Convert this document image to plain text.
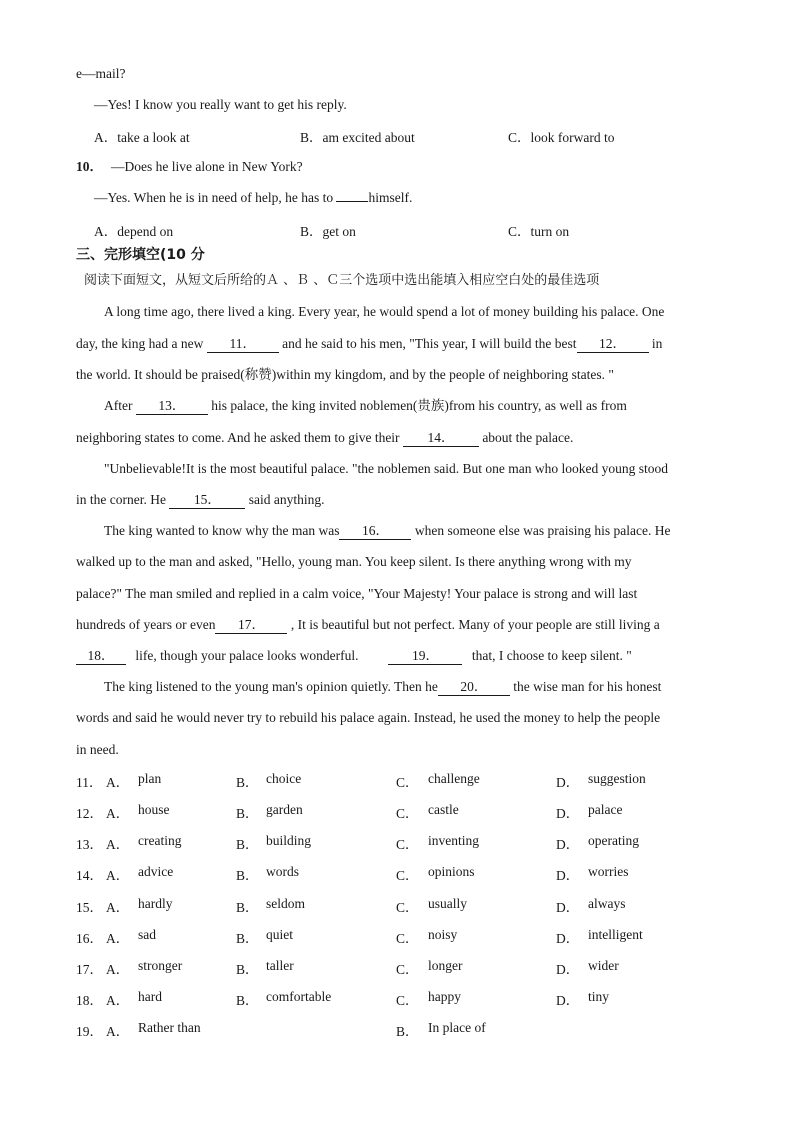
e—mail?
—Yes! I know you really want to get his reply.
A．take a look at	B．am excited about	C．look forward to
10． —Does he live alone in New York?
—Yes. When he is in need of help, he has to himself.
A．depend on	B．get on	C．turn on
三、完形填空(10 分
阅读下面短文，从短文后所给的Ａ 、Ｂ 、Ｃ三个选项中选出能填入相应空白处的最佳选项
A long time ago, there lived a king. Every year, he would spend a lot of money building his palace. One
day, the king had a new 11． and he said to his men, "This year, I will build the best 12． in
the world. It should be praised(称赞)within my kingdom, and by the people of neighboring states. "
After 13． his palace, the king invited noblemen(贵族)from his country, as well as from
neighboring states to come. And he asked them to give their 14． about the palace.
"Unbelievable!It is the most beautiful palace. "the noblemen said. But one man who looked young stood
in the corner. He 15． said anything.
The king wanted to know why the man was 16． when someone else was praising his palace. He
walked up to the man and asked, "Hello, young man. You keep silent. Is there anything wrong with my
palace?" The man smiled and replied in a calm voice, "Your Majesty! Your palace is strong and will last
hundreds of years or even 17． , It is beautiful but not perfect. Many of your people are still living a
18． life, though your palace looks wonderful.	19． that, I choose to keep silent. "
The king listened to the young man's opinion quietly. Then he 20． the wise man for his honest
words and said he would never try to rebuild his palace again. Instead, he used the money to help the people
in need.
11． A． plan	B． choice	C． challenge	D． suggestion
12． A． house	B． garden	C． castle	D． palace
13． A． creating	B． building	C． inventing	D． operating
14． A． advice	B． words	C． opinions	D． worries
15． A． hardly	B． seldom	C． usually	D． always
16． A． sad	B． quiet	C． noisy	D． intelligent
17． A． stronger	B． taller	C． longer	D． wider
18． A． hard	B． comfortable	C． happy	D． tiny
19． A． Rather than	B． In place of
